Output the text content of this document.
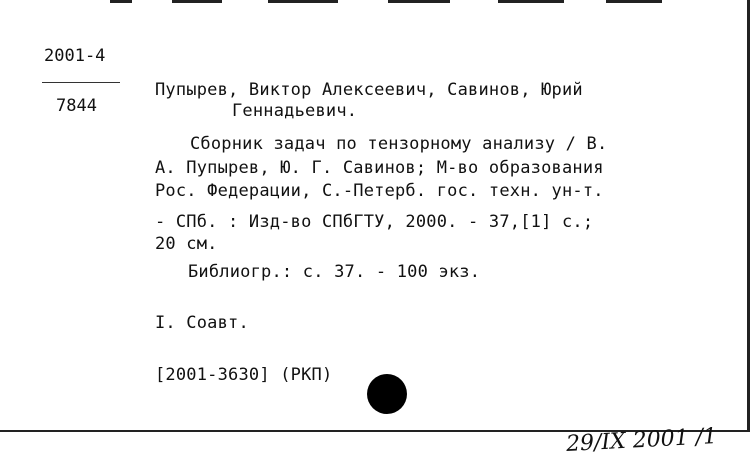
2001-4
7844
Пупырев, Виктор Алексеевич, Савинов, Юрий
Геннадьевич.
Сборник задач по тензорному анализу / В.
А. Пупырев, Ю. Г. Савинов; М-во образования
Рос. Федерации, С.-Петерб. гос. техн. ун-т.
- СПб. : Изд-во СПбГТУ, 2000. - 37,[1] с.;
20 см.
Библиогр.: с. 37. - 100 экз.
I. Соавт.
[2001-3630] (РКП)
29/IX 2001 /1
